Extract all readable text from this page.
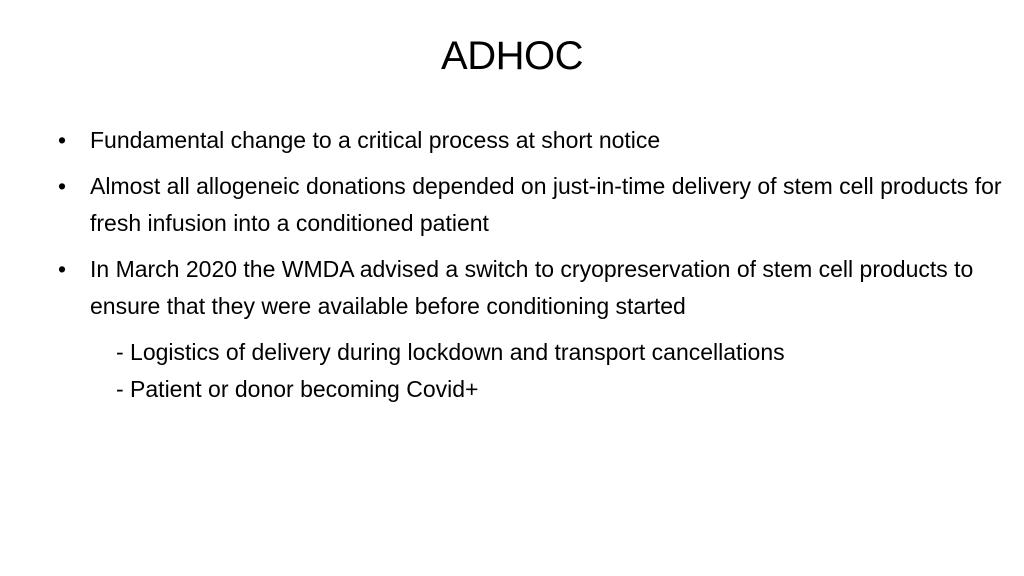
ADHOC
•	Fundamental change to a critical process at short notice
•	Almost all allogeneic donations depended on just-in-time delivery of stem cell products for fresh infusion into a conditioned patient
•	In March 2020 the WMDA advised a switch to cryopreservation of stem cell products to ensure that they were available before conditioning started
- Logistics of delivery during lockdown and transport cancellations
- Patient or donor becoming Covid+
